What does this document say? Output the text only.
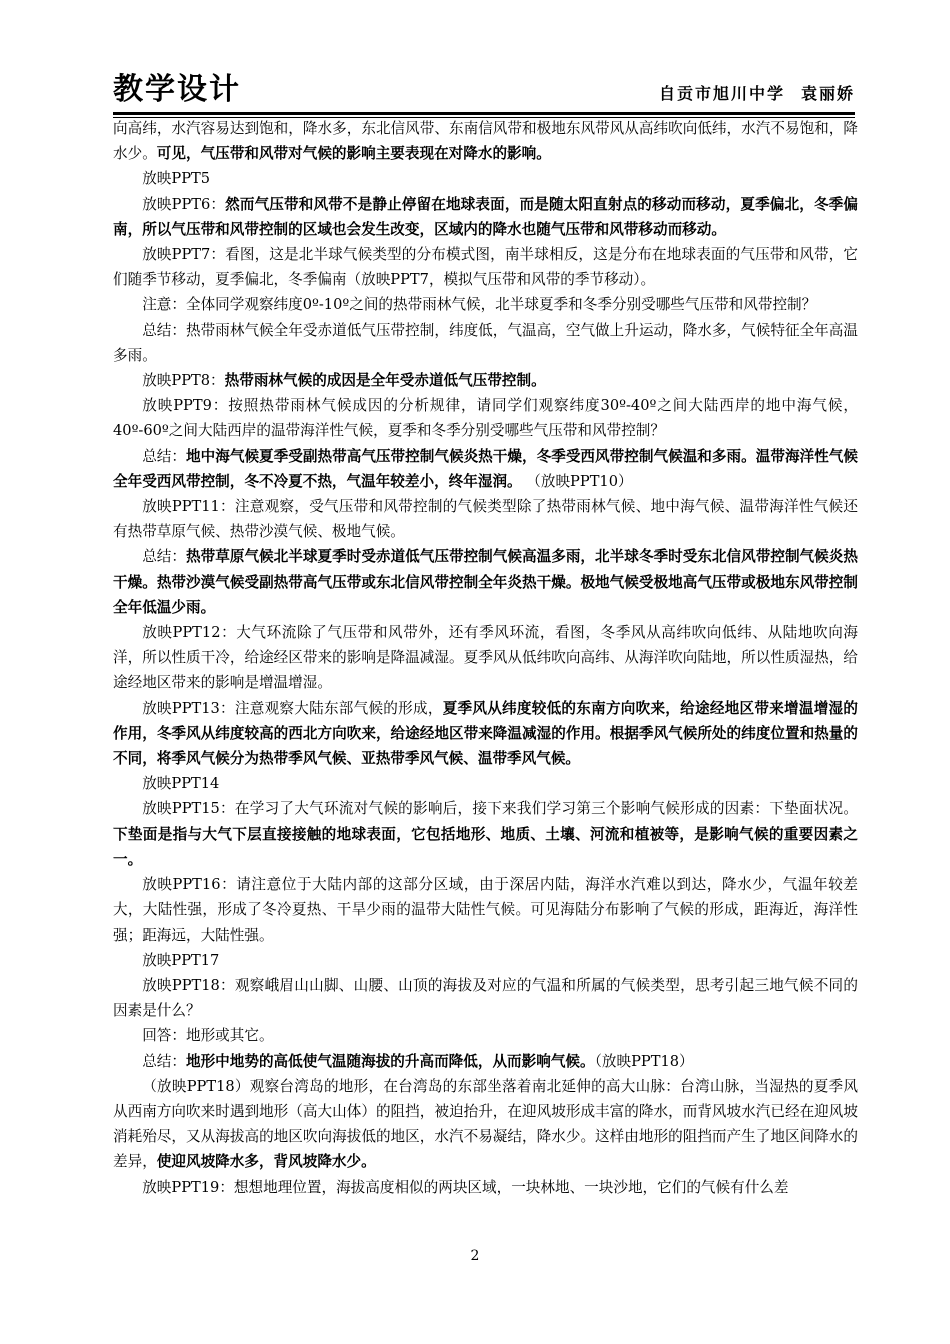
教学设计	自贡市旭川中学 袁丽娇

向高纬，水汽容易达到饱和，降水多，东北信风带、东南信风带和极地东风带风从高纬吹向低纬，水汽不易饱和，降水少。可见，气压带和风带对气候的影响主要表现在对降水的影响。

放映PPT5

放映PPT6：然而气压带和风带不是静止停留在地球表面，而是随太阳直射点的移动而移动，夏季偏北，冬季偏南，所以气压带和风带控制的区域也会发生改变，区域内的降水也随气压带和风带移动而移动。

放映PPT7：看图，这是北半球气候类型的分布模式图，南半球相反，这是分布在地球表面的气压带和风带，它们随季节移动，夏季偏北，冬季偏南（放映PPT7，模拟气压带和风带的季节移动）。

注意：全体同学观察纬度0º-10º之间的热带雨林气候，北半球夏季和冬季分别受哪些气压带和风带控制？

总结：热带雨林气候全年受赤道低气压带控制，纬度低，气温高，空气做上升运动，降水多，气候特征全年高温多雨。

放映PPT8：热带雨林气候的成因是全年受赤道低气压带控制。

放映PPT9：按照热带雨林气候成因的分析规律，请同学们观察纬度30º-40º之间大陆西岸的地中海气候， 40º-60º之间大陆西岸的温带海洋性气候，夏季和冬季分别受哪些气压带和风带控制？

总结：地中海气候夏季受副热带高气压带控制气候炎热干燥，冬季受西风带控制气候温和多雨。温带海洋性气候全年受西风带控制，冬不冷夏不热，气温年较差小，终年湿润。 （放映PPT10）

放映PPT11：注意观察，受气压带和风带控制的气候类型除了热带雨林气候、地中海气候、温带海洋性气候还有热带草原气候、热带沙漠气候、极地气候。

总结：热带草原气候北半球夏季时受赤道低气压带控制气候高温多雨，北半球冬季时受东北信风带控制气候炎热干燥。热带沙漠气候受副热带高气压带或东北信风带控制全年炎热干燥。极地气候受极地高气压带或极地东风带控制全年低温少雨。

放映PPT12：大气环流除了气压带和风带外，还有季风环流，看图，冬季风从高纬吹向低纬、从陆地吹向海洋，所以性质干冷，给途经区带来的影响是降温减湿。夏季风从低纬吹向高纬、从海洋吹向陆地，所以性质湿热，给途经地区带来的影响是增温增湿。

放映PPT13：注意观察大陆东部气候的形成，夏季风从纬度较低的东南方向吹来，给途经地区带来增温增湿的作用，冬季风从纬度较高的西北方向吹来，给途经地区带来降温减湿的作用。根据季风气候所处的纬度位置和热量的不同，将季风气候分为热带季风气候、亚热带季风气候、温带季风气候。

放映PPT14

放映PPT15：在学习了大气环流对气候的影响后，接下来我们学习第三个影响气候形成的因素：下垫面状况。下垫面是指与大气下层直接接触的地球表面，它包括地形、地质、土壤、河流和植被等，是影响气候的重要因素之一。

放映PPT16：请注意位于大陆内部的这部分区域，由于深居内陆，海洋水汽难以到达，降水少，气温年较差大，大陆性强，形成了冬冷夏热、干旱少雨的温带大陆性气候。可见海陆分布影响了气候的形成，距海近，海洋性强；距海远，大陆性强。

放映PPT17

放映PPT18：观察峨眉山山脚、山腰、山顶的海拔及对应的气温和所属的气候类型，思考引起三地气候不同的因素是什么？

回答：地形或其它。

总结：地形中地势的高低使气温随海拔的升高而降低，从而影响气候。（放映PPT18）

（放映PPT18）观察台湾岛的地形，在台湾岛的东部坐落着南北延伸的高大山脉：台湾山脉，当湿热的夏季风从西南方向吹来时遇到地形（高大山体）的阻挡，被迫抬升，在迎风坡形成丰富的降水，而背风坡水汽已经在迎风坡消耗殆尽，又从海拔高的地区吹向海拔低的地区，水汽不易凝结，降水少。这样由地形的阻挡而产生了地区间降水的差异，使迎风坡降水多，背风坡降水少。

放映PPT19：想想地理位置，海拔高度相似的两块区域，一块林地、一块沙地，它们的气候有什么差

2
